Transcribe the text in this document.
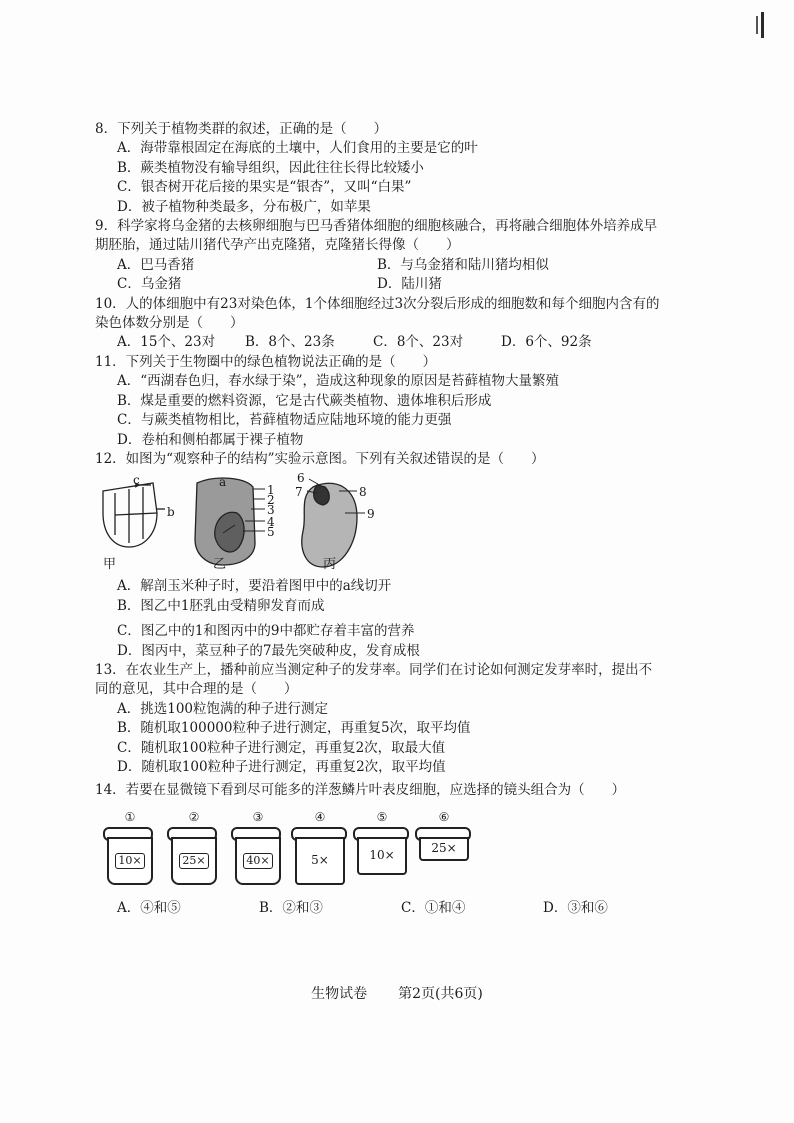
8．下列关于植物类群的叙述，正确的是（　　）
A．海带靠根固定在海底的土壤中，人们食用的主要是它的叶
B．蕨类植物没有输导组织，因此往往长得比较矮小
C．银杏树开花后接的果实是“银杏”，又叫“白果”
D．被子植物种类最多，分布极广，如苹果
9．科学家将乌金猪的去核卵细胞与巴马香猪体细胞的细胞核融合，再将融合细胞体外培养成早期胚胎，通过陆川猪代孕产出克隆猪，克隆猪长得像（　　）
A．巴马香猪	B．与乌金猪和陆川猪均相似
C．乌金猪	D．陆川猪
10．人的体细胞中有23对染色体，1个体细胞经过3次分裂后形成的细胞数和每个细胞内含有的染色体数分别是（　　）
A．15个、23对	B．8个、23条	C．8个、23对	D．6个、92条
11．下列关于生物圈中的绿色植物说法正确的是（　　）
A．“西湖春色归，春水绿于染”，造成这种现象的原因是苔藓植物大量繁殖
B．煤是重要的燃料资源，它是古代蕨类植物、遗体堆积后形成
C．与蕨类植物相比，苔藓植物适应陆地环境的能力更强
D．卷柏和侧柏都属于裸子植物
12．如图为“观察种子的结构”实验示意图。下列有关叙述错误的是（　　）
a
c
b
1
2
3
4
5
6
7	8
9
甲	乙	丙
A．解剖玉米种子时，要沿着图甲中的a线切开
B．图乙中1胚乳由受精卵发育而成
C．图乙中的1和图丙中的9中都贮存着丰富的营养
D．图丙中，菜豆种子的7最先突破种皮，发育成根
13．在农业生产上，播种前应当测定种子的发芽率。同学们在讨论如何测定发芽率时，提出不同的意见，其中合理的是（　　）
A．挑选100粒饱满的种子进行测定
B．随机取100000粒种子进行测定，再重复5次，取平均值
C．随机取100粒种子进行测定，再重复2次，取最大值
D．随机取100粒种子进行测定，再重复2次，取平均值
14．若要在显微镜下看到尽可能多的洋葱鳞片叶表皮细胞，应选择的镜头组合为（　　）
①
10×
②
25×
③
40×
④
5×
⑤
10×
⑥
25×
A．④和⑤	B．②和③	C．①和④	D．③和⑥
生物试卷 第2页(共6页)
